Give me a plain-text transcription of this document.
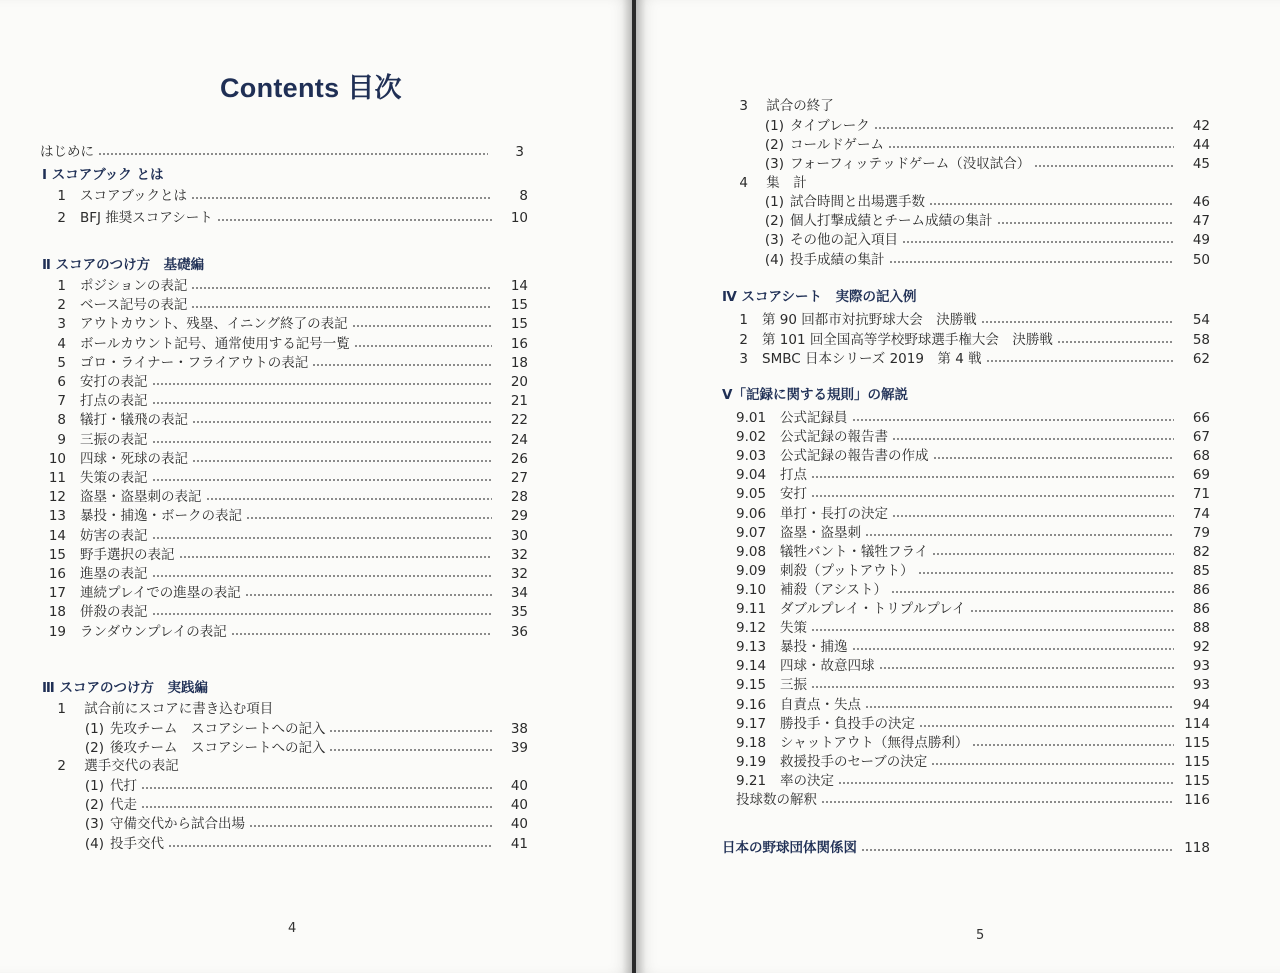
Contents 目次
はじめに	3
Ⅰ スコアブック とは
1 スコアブックとは	8
2 BFJ 推奨スコアシート	10
Ⅱ スコアのつけ方　基礎編
1 ポジションの表記	14
2 ベース記号の表記	15
3 アウトカウント、残塁、イニング終了の表記	15
4 ボールカウント記号、通常使用する記号一覧	16
5 ゴロ・ライナー・フライアウトの表記	18
6 安打の表記	20
7 打点の表記	21
8 犠打・犠飛の表記	22
9 三振の表記	24
10 四球・死球の表記	26
11 失策の表記	27
12 盗塁・盗塁刺の表記	28
13 暴投・捕逸・ボークの表記	29
14 妨害の表記	30
15 野手選択の表記	32
16 進塁の表記	32
17 連続プレイでの進塁の表記	34
18 併殺の表記	35
19 ランダウンプレイの表記	36
Ⅲ スコアのつけ方　実践編
1 試合前にスコアに書き込む項目
(1) 先攻チーム　スコアシートへの記入	38
(2) 後攻チーム　スコアシートへの記入	39
2 選手交代の表記
(1) 代打	40
(2) 代走	40
(3) 守備交代から試合出場	40
(4) 投手交代	41
4
3 試合の終了
(1) タイブレーク	42
(2) コールドゲーム	44
(3) フォーフィッテッドゲーム（没収試合）	45
4 集　計
(1) 試合時間と出場選手数	46
(2) 個人打撃成績とチーム成績の集計	47
(3) その他の記入項目	49
(4) 投手成績の集計	50
Ⅳ スコアシート　実際の記入例
1 第 90 回都市対抗野球大会　決勝戦	54
2 第 101 回全国高等学校野球選手権大会　決勝戦	58
3 SMBC 日本シリーズ 2019　第 4 戦	62
Ⅴ「記録に関する規則」の解説
9.01 公式記録員	66
9.02 公式記録の報告書	67
9.03 公式記録の報告書の作成	68
9.04 打点	69
9.05 安打	71
9.06 単打・長打の決定	74
9.07 盗塁・盗塁刺	79
9.08 犠牲バント・犠牲フライ	82
9.09 刺殺（プットアウト）	85
9.10 補殺（アシスト）	86
9.11 ダブルプレイ・トリプルプレイ	86
9.12 失策	88
9.13 暴投・捕逸	92
9.14 四球・故意四球	93
9.15 三振	93
9.16 自責点・失点	94
9.17 勝投手・負投手の決定	114
9.18 シャットアウト（無得点勝利）	115
9.19 救援投手のセーブの決定	115
9.21 率の決定	115
投球数の解釈	116
日本の野球団体関係図	118
5
